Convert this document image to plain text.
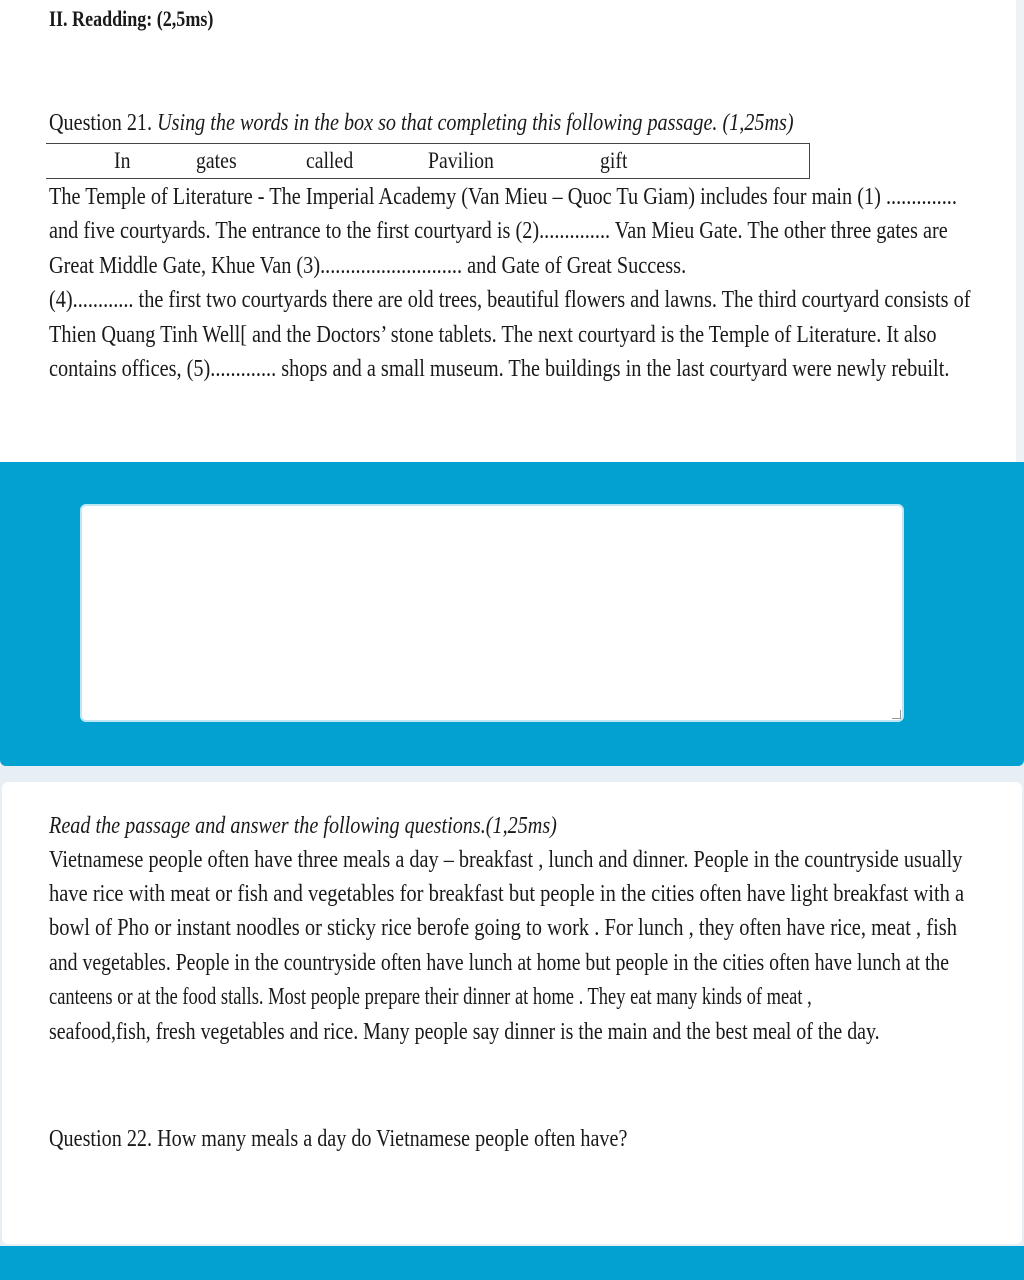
II. Readding: (2,5ms)
Question 21. Using the words in the box so that completing this following passage. (1,25ms)
In	gates	called	Pavilion	gift
The Temple of Literature - The Imperial Academy (Van Mieu – Quoc Tu Giam) includes four main (1) ..............
and five courtyards. The entrance to the first courtyard is (2).............. Van Mieu Gate. The other three gates are
Great Middle Gate, Khue Van (3)............................ and Gate of Great Success.
(4)............ the first two courtyards there are old trees, beautiful flowers and lawns. The third courtyard consists of
Thien Quang Tinh Well[ and the Doctors’ stone tablets. The next courtyard is the Temple of Literature. It also
contains offices, (5)............. shops and a small museum. The buildings in the last courtyard were newly rebuilt.
Read the passage and answer the following questions.(1,25ms)
Vietnamese people often have three meals a day – breakfast , lunch and dinner. People in the countryside usually
have rice with meat or fish and vegetables for breakfast but people in the cities often have light breakfast with a
bowl of Pho or instant noodles or sticky rice berofe going to work . For lunch , they often have rice, meat , fish
and vegetables. People in the countryside often have lunch at home but people in the cities often have lunch at the
canteens or at the food stalls. Most people prepare their dinner at home . They eat many kinds of meat ,
seafood,fish, fresh vegetables and rice. Many people say dinner is the main and the best meal of the day.
Question 22. How many meals a day do Vietnamese people often have?
